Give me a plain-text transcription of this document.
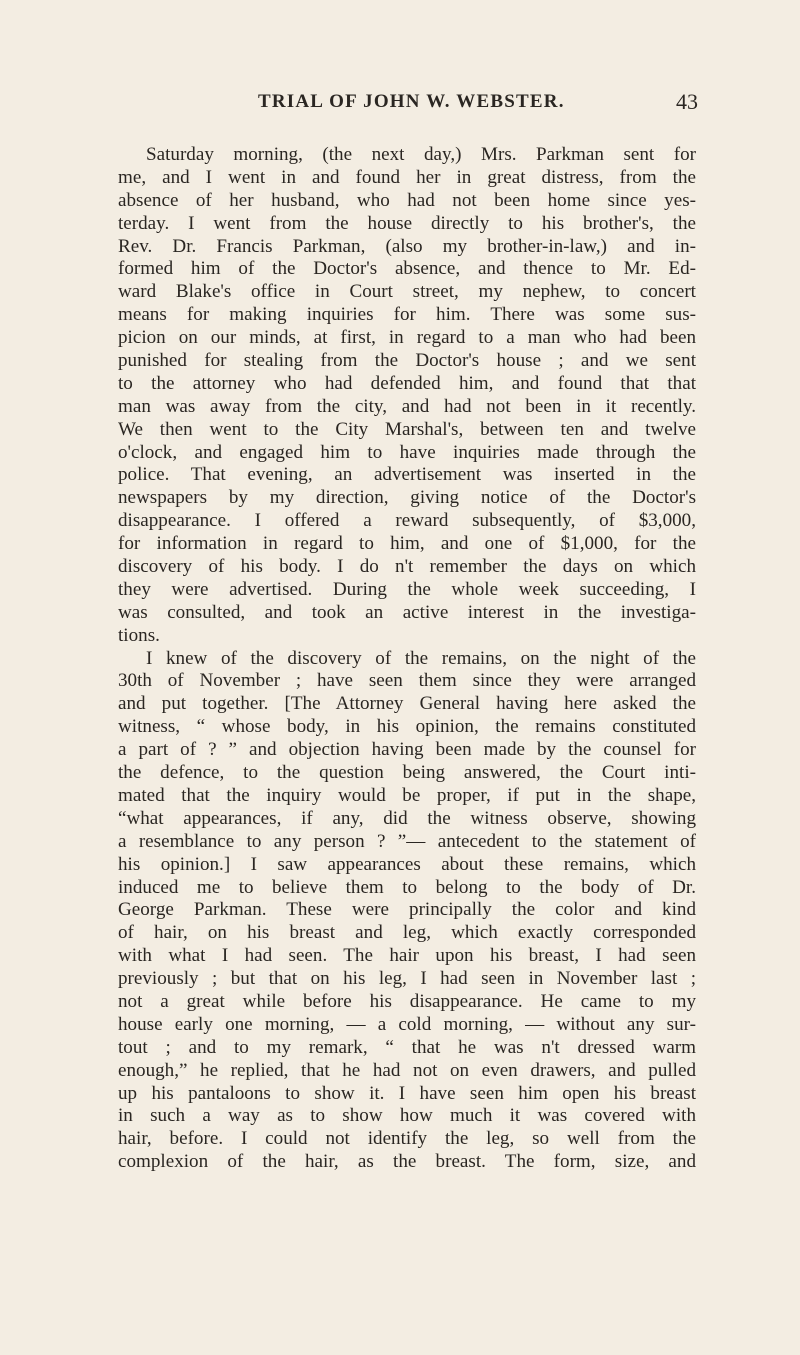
TRIAL OF JOHN W. WEBSTER.	43
Saturday morning, (the next day,) Mrs. Parkman sent for
me, and I went in and found her in great distress, from the
absence of her husband, who had not been home since yes-
terday. I went from the house directly to his brother's, the
Rev. Dr. Francis Parkman, (also my brother-in-law,) and in-
formed him of the Doctor's absence, and thence to Mr. Ed-
ward Blake's office in Court street, my nephew, to concert
means for making inquiries for him. There was some sus-
picion on our minds, at first, in regard to a man who had been
punished for stealing from the Doctor's house ; and we sent
to the attorney who had defended him, and found that that
man was away from the city, and had not been in it recently.
We then went to the City Marshal's, between ten and twelve
o'clock, and engaged him to have inquiries made through the
police. That evening, an advertisement was inserted in the
newspapers by my direction, giving notice of the Doctor's
disappearance. I offered a reward subsequently, of $3,000,
for information in regard to him, and one of $1,000, for the
discovery of his body. I do n't remember the days on which
they were advertised. During the whole week succeeding, I
was consulted, and took an active interest in the investiga-
tions.
I knew of the discovery of the remains, on the night of the
30th of November ; have seen them since they were arranged
and put together. [The Attorney General having here asked the
witness, “ whose body, in his opinion, the remains constituted
a part of ? ” and objection having been made by the counsel for
the defence, to the question being answered, the Court inti-
mated that the inquiry would be proper, if put in the shape,
“what appearances, if any, did the witness observe, showing
a resemblance to any person ? ”— antecedent to the statement of
his opinion.] I saw appearances about these remains, which
induced me to believe them to belong to the body of Dr.
George Parkman. These were principally the color and kind
of hair, on his breast and leg, which exactly corresponded
with what I had seen. The hair upon his breast, I had seen
previously ; but that on his leg, I had seen in November last ;
not a great while before his disappearance. He came to my
house early one morning, — a cold morning, — without any sur-
tout ; and to my remark, “ that he was n't dressed warm
enough,” he replied, that he had not on even drawers, and pulled
up his pantaloons to show it. I have seen him open his breast
in such a way as to show how much it was covered with
hair, before. I could not identify the leg, so well from the
complexion of the hair, as the breast. The form, size, and
